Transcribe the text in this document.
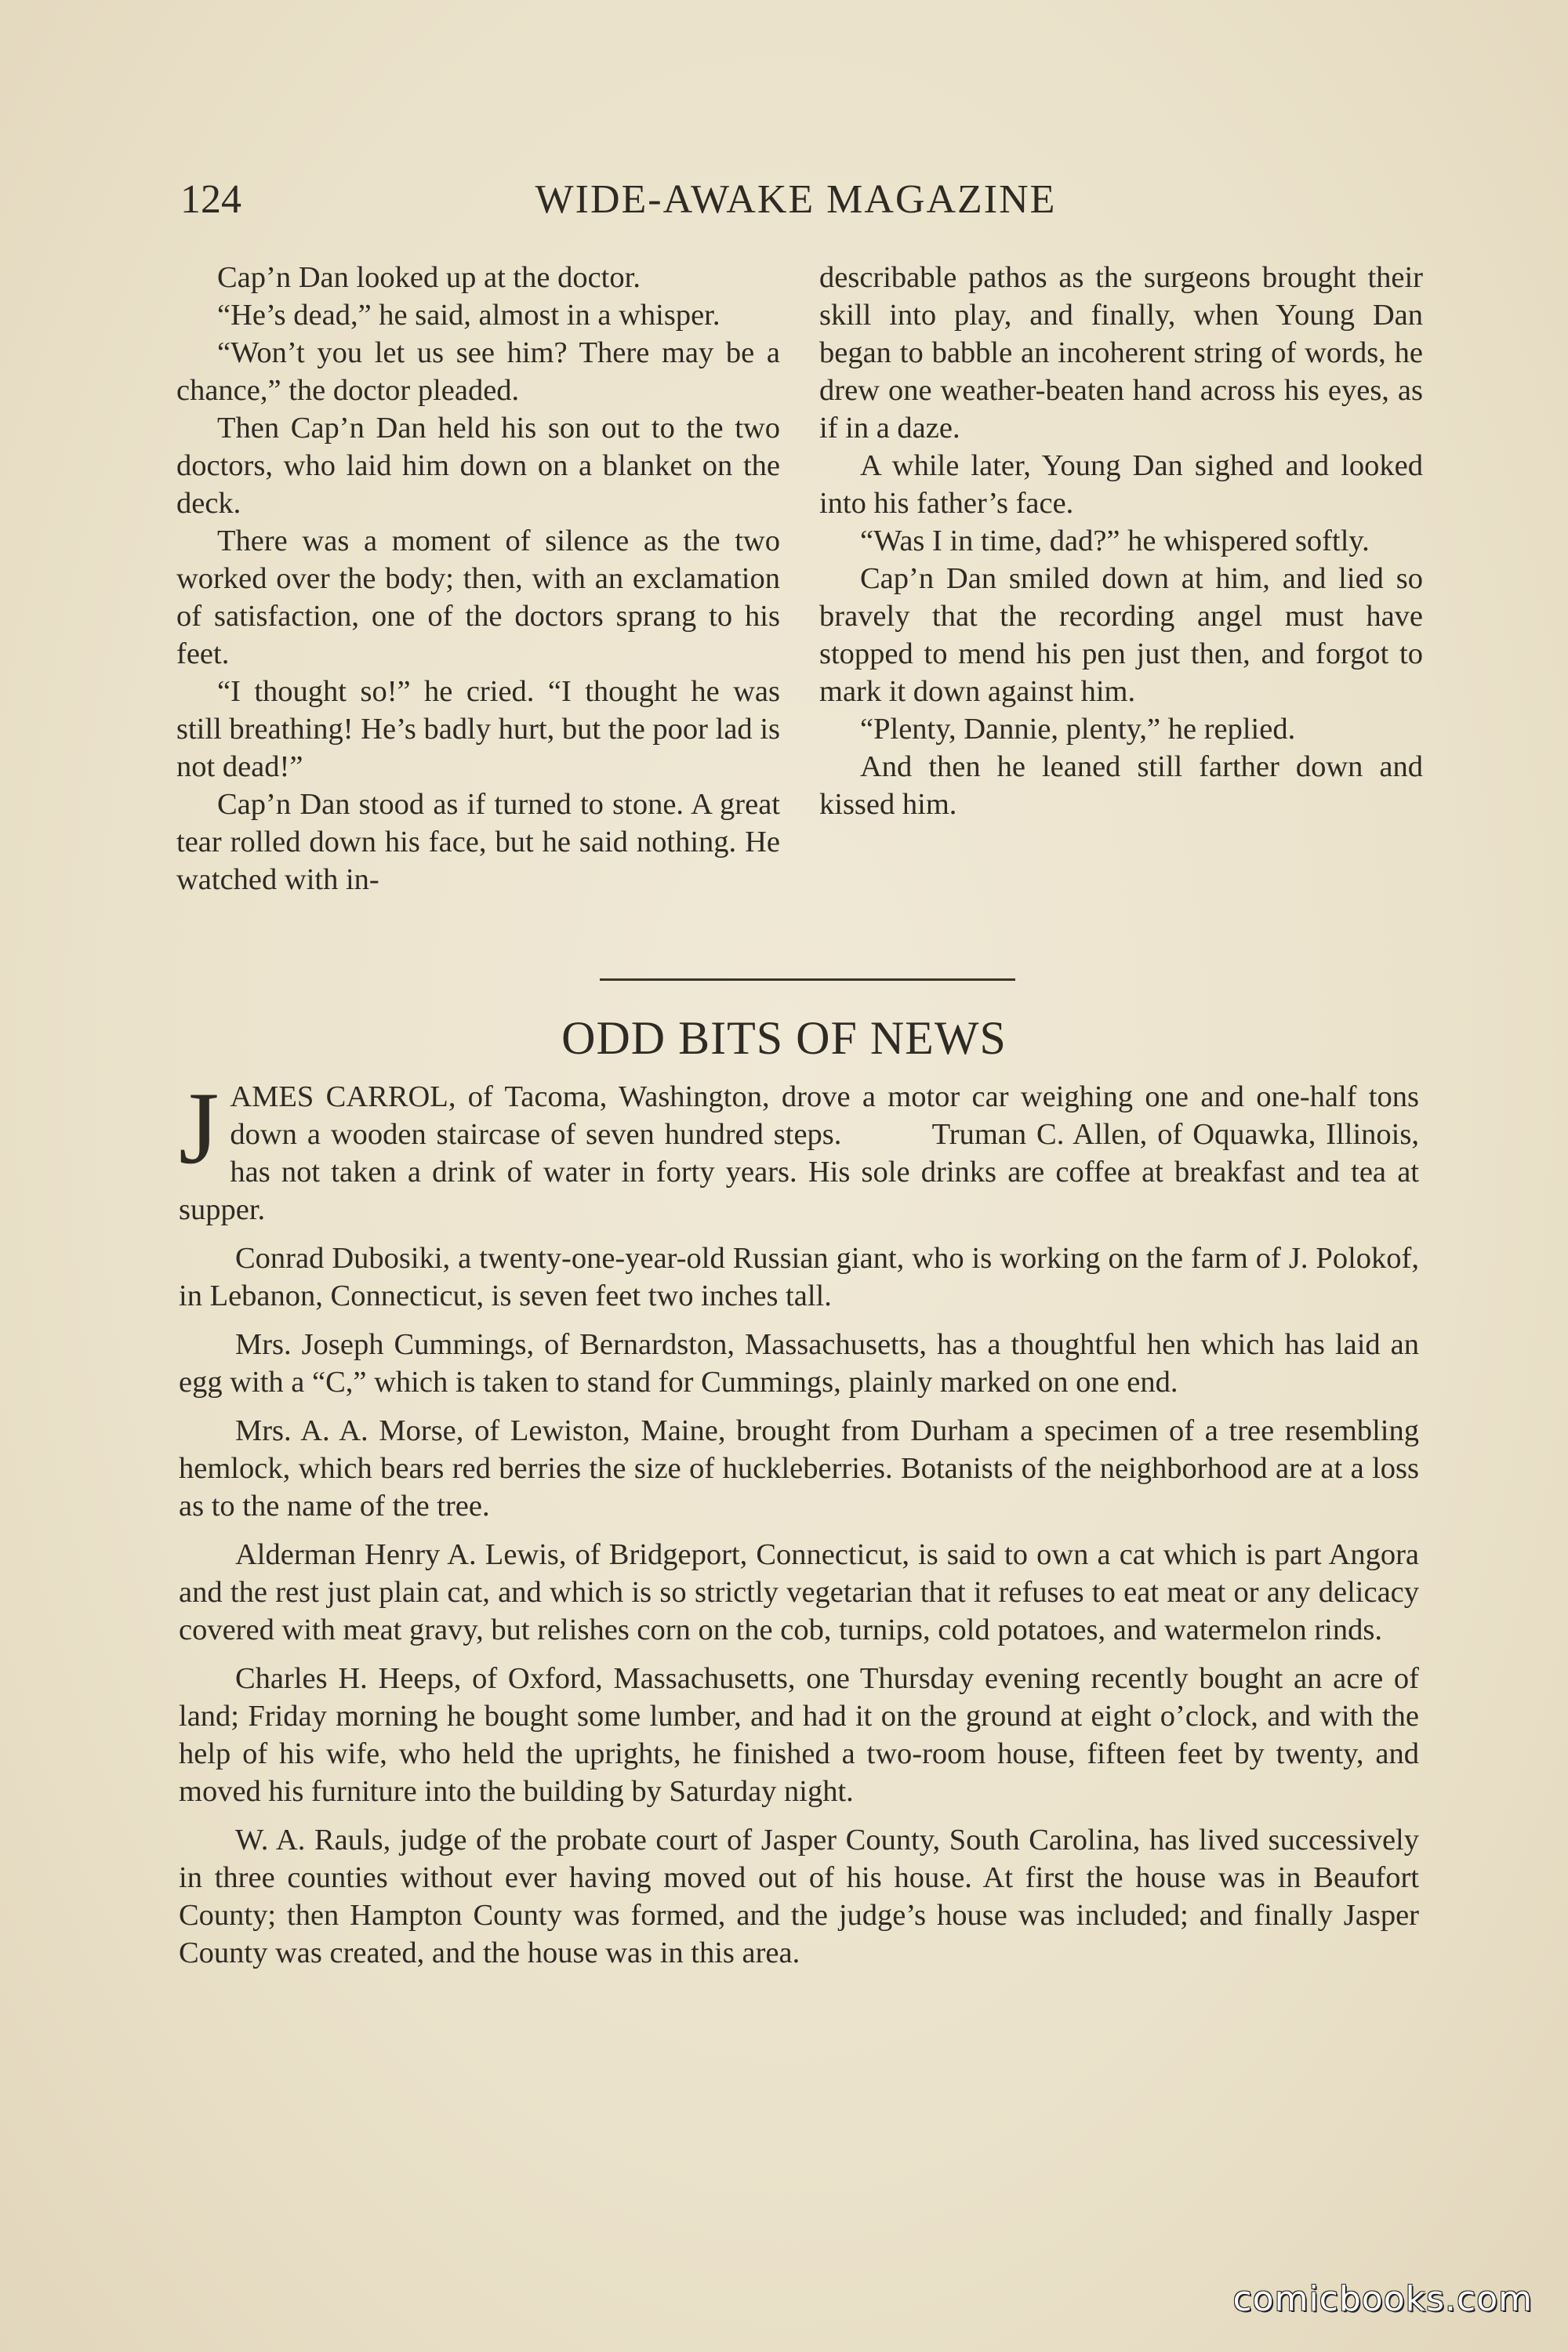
124	WIDE-AWAKE MAGAZINE

Cap’n Dan looked up at the doctor.

“He’s dead,” he said, almost in a whisper.

“Won’t you let us see him? There may be a chance,” the doctor pleaded.

Then Cap’n Dan held his son out to the two doctors, who laid him down on a blanket on the deck.

There was a moment of silence as the two worked over the body; then, with an exclamation of satisfaction, one of the doctors sprang to his feet.

“I thought so!” he cried. “I thought he was still breathing! He’s badly hurt, but the poor lad is not dead!”

Cap’n Dan stood as if turned to stone. A great tear rolled down his face, but he said nothing. He watched with in-

describable pathos as the surgeons brought their skill into play, and finally, when Young Dan began to babble an incoherent string of words, he drew one weather-beaten hand across his eyes, as if in a daze.

A while later, Young Dan sighed and looked into his father’s face.

“Was I in time, dad?” he whispered softly.

Cap’n Dan smiled down at him, and lied so bravely that the recording angel must have stopped to mend his pen just then, and forgot to mark it down against him.

“Plenty, Dannie, plenty,” he replied.

And then he leaned still farther down and kissed him.

ODD BITS OF NEWS

J AMES CARROL, of Tacoma, Washington, drove a motor car weighing one and one-half tons down a wooden staircase of seven hundred steps.	Truman C. Allen, of Oquawka, Illinois, has not taken a drink of water in forty years. His sole drinks are coffee at breakfast and tea at supper.

Conrad Dubosiki, a twenty-one-year-old Russian giant, who is working on the farm of J. Polokof, in Lebanon, Connecticut, is seven feet two inches tall.

Mrs. Joseph Cummings, of Bernardston, Massachusetts, has a thoughtful hen which has laid an egg with a “C,” which is taken to stand for Cummings, plainly marked on one end.

Mrs. A. A. Morse, of Lewiston, Maine, brought from Durham a specimen of a tree resembling hemlock, which bears red berries the size of huckleberries. Botanists of the neighborhood are at a loss as to the name of the tree.

Alderman Henry A. Lewis, of Bridgeport, Connecticut, is said to own a cat which is part Angora and the rest just plain cat, and which is so strictly vegetarian that it refuses to eat meat or any delicacy covered with meat gravy, but relishes corn on the cob, turnips, cold potatoes, and watermelon rinds.

Charles H. Heeps, of Oxford, Massachusetts, one Thursday evening recently bought an acre of land; Friday morning he bought some lumber, and had it on the ground at eight o’clock, and with the help of his wife, who held the uprights, he finished a two-room house, fifteen feet by twenty, and moved his furniture into the building by Saturday night.

W. A. Rauls, judge of the probate court of Jasper County, South Carolina, has lived successively in three counties without ever having moved out of his house. At first the house was in Beaufort County; then Hampton County was formed, and the judge’s house was included; and finally Jasper County was created, and the house was in this area.

comicbooks.com
